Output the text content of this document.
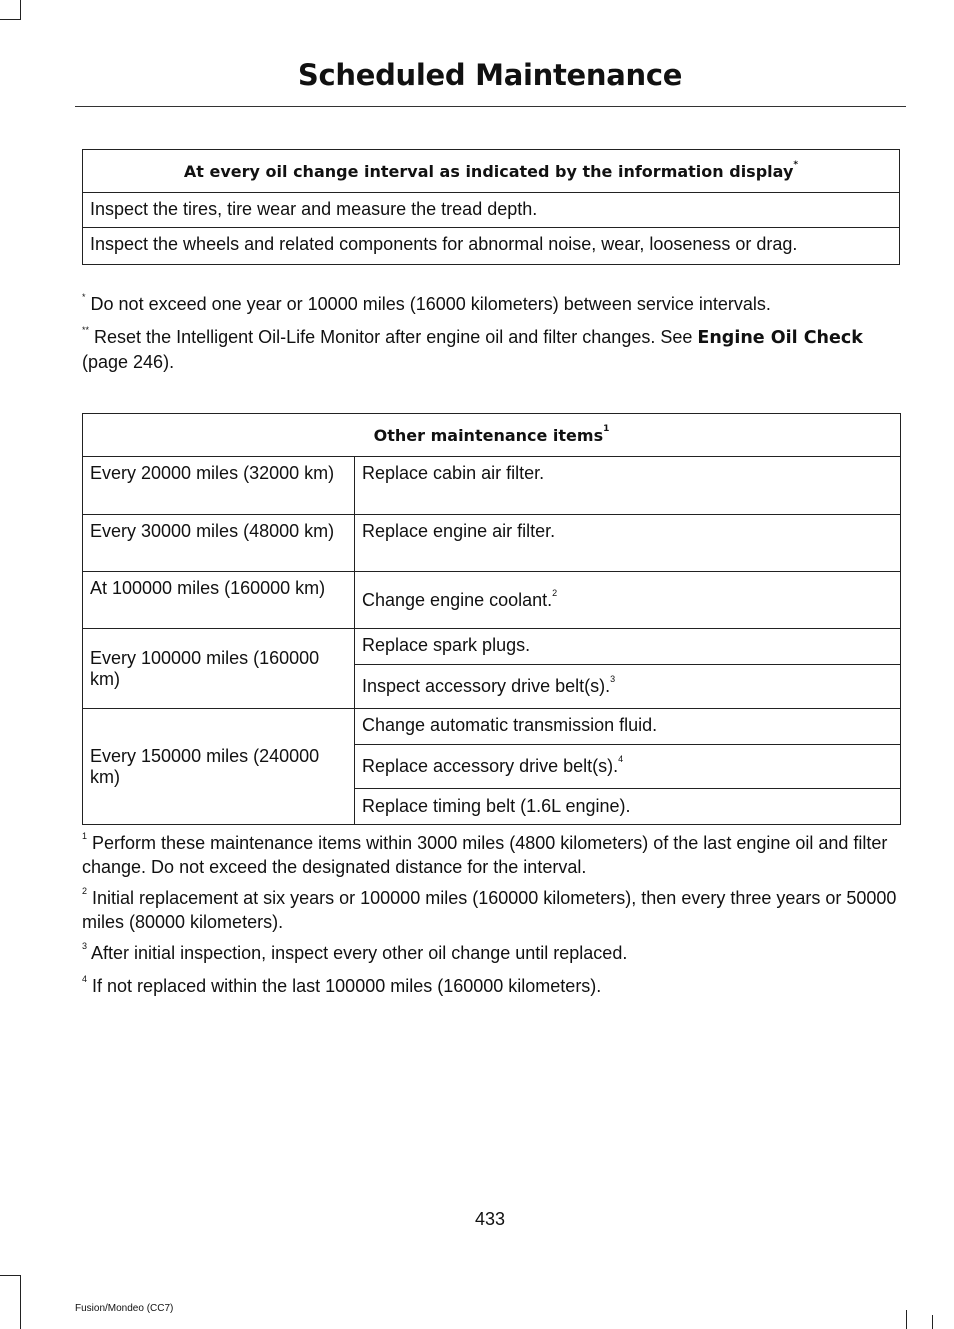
Scheduled Maintenance
At every oil change interval as indicated by the information display*
Inspect the tires, tire wear and measure the tread depth.
Inspect the wheels and related components for abnormal noise, wear, looseness or drag.
* Do not exceed one year or 10000 miles (16000 kilometers) between service intervals.
** Reset the Intelligent Oil-Life Monitor after engine oil and filter changes. See Engine Oil Check (page 246).
Other maintenance items$^1$
Every 20000 miles (32000 km)	Replace cabin air filter.
Every 30000 miles (48000 km)	Replace engine air filter.
At 100000 miles (160000 km)	Change engine coolant.$^2$
Every 100000 miles (160000 km)	Replace spark plugs.
	Inspect accessory drive belt(s).$^3$
Every 150000 miles (240000 km)	Change automatic transmission fluid.
	Replace accessory drive belt(s).$^4$
	Replace timing belt (1.6L engine).
$^1$ Perform these maintenance items within 3000 miles (4800 kilometers) of the last engine oil and filter change. Do not exceed the designated distance for the interval.
$^2$ Initial replacement at six years or 100000 miles (160000 kilometers), then every three years or 50000 miles (80000 kilometers).
$^3$ After initial inspection, inspect every other oil change until replaced.
$^4$ If not replaced within the last 100000 miles (160000 kilometers).
433
Fusion/Mondeo (CC7)
